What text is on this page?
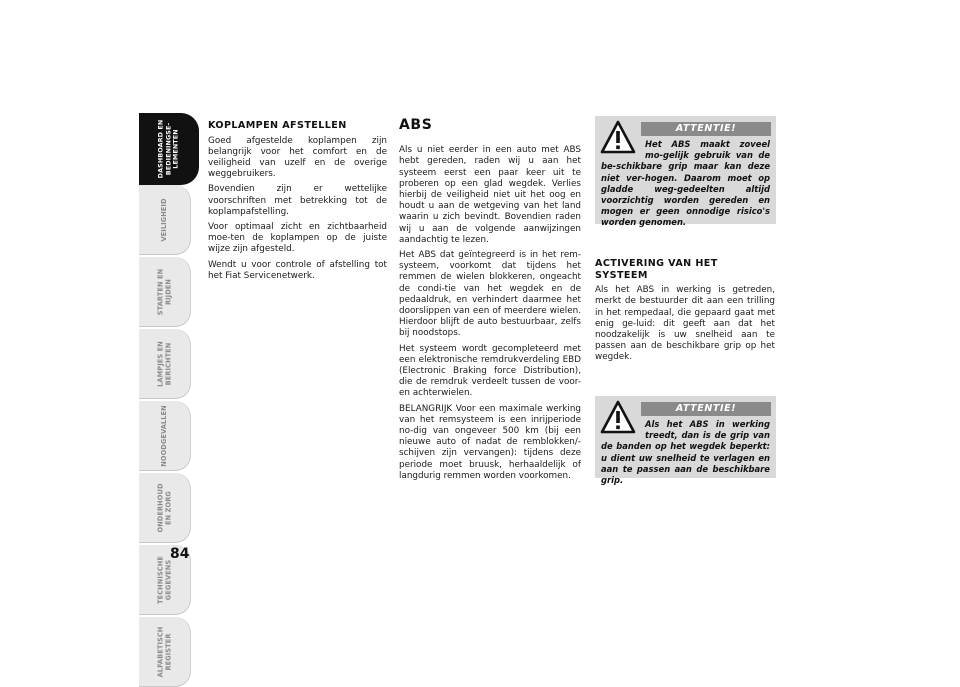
DASHBOARD EN
BEDIENINGSE-
LEMENTEN
VEILIGHEID
STARTEN EN
RIJDEN
LAMPJES EN
BERICHTEN
NOODGEVALLEN
ONDERHOUD
EN ZORG
TECHNISCHE
GEGEVENS
ALFABETISCH
REGISTER
84
KOPLAMPEN AFSTELLEN

Goed afgestelde koplampen zijn belangrijk voor het comfort en de veiligheid van uzelf en de overige weggebruikers.

Bovendien zijn er wettelijke voorschriften met betrekking tot de koplampafstelling.

Voor optimaal zicht en zichtbaarheid moe-ten de koplampen op de juiste wijze zijn afgesteld.

Wendt u voor controle of afstelling tot het Fiat Servicenetwerk.

ABS

Als u niet eerder in een auto met ABS hebt gereden, raden wij u aan het systeem eerst een paar keer uit te proberen op een glad wegdek. Verlies hierbij de veiligheid niet uit het oog en houdt u aan de wetgeving van het land waarin u zich bevindt. Bovendien raden wij u aan de volgende aanwijzingen aandachtig te lezen.

Het ABS dat geïntegreerd is in het rem-systeem, voorkomt dat tijdens het remmen de wielen blokkeren, ongeacht de condi-tie van het wegdek en de pedaaldruk, en verhindert daarmee het doorslippen van een of meerdere wielen. Hierdoor blijft de auto bestuurbaar, zelfs bij noodstops.

Het systeem wordt gecompleteerd met een elektronische remdrukverdeling EBD (Electronic Braking force Distribution), die de remdruk verdeelt tussen de voor- en achterwielen.

BELANGRIJK Voor een maximale werking van het remsysteem is een inrijperiode no-dig van ongeveer 500 km (bij een nieuwe auto of nadat de remblokken/-schijven zijn vervangen): tijdens deze periode moet bruusk, herhaaldelijk of langdurig remmen worden voorkomen.

ATTENTIE!
Het ABS maakt zoveel mo-gelijk gebruik van de be-schikbare grip maar kan deze niet ver-hogen. Daarom moet op gladde weg-gedeelten altijd voorzichtig worden gereden en mogen er geen onnodige risico's worden genomen.
ACTIVERING VAN HET
SYSTEEM

Als het ABS in werking is getreden, merkt de bestuurder dit aan een trilling in het rempedaal, die gepaard gaat met enig ge-luid: dit geeft aan dat het noodzakelijk is uw snelheid aan te passen aan de beschikbare grip op het wegdek.

ATTENTIE!
Als het ABS in werking treedt, dan is de grip van de banden op het wegdek beperkt: u dient uw snelheid te verlagen en aan te passen aan de beschikbare grip.
